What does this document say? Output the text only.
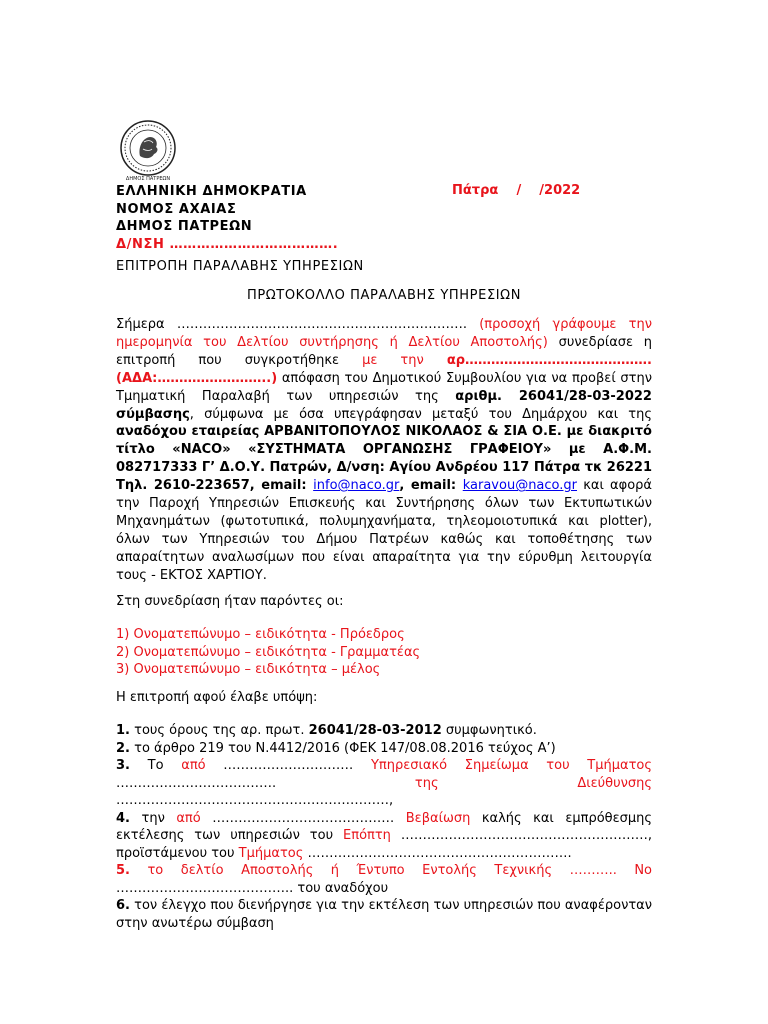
ΔΗΜΟΣ ΠΑΤΡΕΩΝ
ΕΛΛΗΝΙΚΗ ΔΗΜΟΚΡΑΤΙΑ
ΝΟΜΟΣ ΑΧΑΙΑΣ
ΔΗΜΟΣ ΠΑΤΡΕΩΝ
Δ/ΝΣΗ ……………………………….
Πάτρα    /    /2022
ΕΠΙΤΡΟΠΗ ΠΑΡΑΛΑΒΗΣ ΥΠΗΡΕΣΙΩΝ
ΠΡΩΤΟΚΟΛΛΟ ΠΑΡΑΛΑΒΗΣ ΥΠΗΡΕΣΙΩΝ
Σήμερα …………………………………………………………. (προσοχή γράφουμε την ημερομηνία του Δελτίου συντήρησης ή Δελτίου Αποστολής) συνεδρίασε η επιτροπή που συγκροτήθηκε με την αρ……………………………………. (ΑΔΑ:……………………..) απόφαση του Δημοτικού Συμβουλίου για να προβεί στην Τμηματική Παραλαβή των υπηρεσιών της αριθμ. 26041/28-03-2022 σύμβασης, σύμφωνα με όσα υπεγράφησαν μεταξύ του Δημάρχου και της αναδόχου εταιρείας ΑΡΒΑΝΙΤΟΠΟΥΛΟΣ ΝΙΚΟΛΑΟΣ & ΣΙΑ Ο.Ε. με διακριτό τίτλο «NACO» «ΣΥΣΤΗΜΑΤΑ ΟΡΓΑΝΩΣΗΣ ΓΡΑΦΕΙΟΥ» με Α.Φ.Μ. 082717333 Γ’ Δ.Ο.Υ. Πατρών, Δ/νση: Αγίου Ανδρέου 117 Πάτρα τκ 26221 Τηλ. 2610-223657, email: info@naco.gr, email: karavou@naco.gr και αφορά την Παροχή Υπηρεσιών Επισκευής και Συντήρησης όλων των Εκτυπωτικών Μηχανημάτων (φωτοτυπικά, πολυμηχανήματα, τηλεομοιοτυπικά και plotter), όλων των Υπηρεσιών του Δήμου Πατρέων καθώς και τοποθέτησης των απαραίτητων αναλωσίμων που είναι απαραίτητα για την εύρυθμη λειτουργία τους - ΕΚΤΟΣ ΧΑΡΤΙΟΥ.
Στη συνεδρίαση ήταν παρόντες οι:
1) Ονοματεπώνυμο – ειδικότητα - Πρόεδρος
2) Ονοματεπώνυμο – ειδικότητα - Γραμματέας
3) Ονοματεπώνυμο – ειδικότητα – μέλος
Η επιτροπή αφού έλαβε υπόψη:
1. τους όρους της αρ. πρωτ. 26041/28-03-2012 συμφωνητικό.
2. το άρθρο 219 του Ν.4412/2016 (ΦΕΚ 147/08.08.2016 τεύχος Α’)
3. Το από ………………………… Υπηρεσιακό Σημείωμα του Τμήματος ………………………………. της Διεύθυνσης ………………………………………………………,
4. την από …………………………………… Βεβαίωση καλής και εμπρόθεσμης εκτέλεσης των υπηρεσιών του Επόπτη …………………………………………………, προϊστάμενου του Τμήματος …………………………………………………….
5. το δελτίο Αποστολής ή Έντυπο Εντολής Τεχνικής ……….. Νο ………………………………….. του αναδόχου
6. τον έλεγχο που διενήργησε για την εκτέλεση των υπηρεσιών που αναφέρονταν στην ανωτέρω σύμβαση
